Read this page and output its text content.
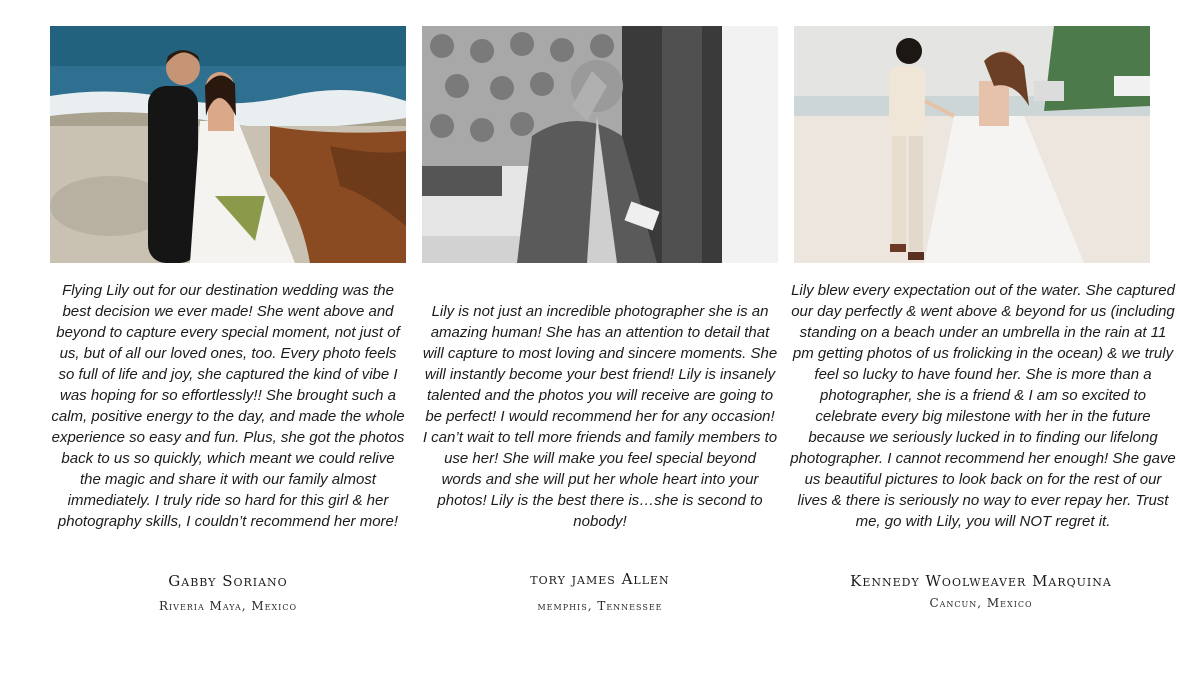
Flying Lily out for our destination wedding was the best decision we ever made! She went above and beyond to capture every special moment, not just of us, but of all our loved ones, too. Every photo feels so full of life and joy, she captured the kind of vibe I was hoping for so effortlessly!! She brought such a calm, positive energy to the day, and made the whole experience so easy and fun. Plus, she got the photos back to us so quickly, which meant we could relive the magic and share it with our family almost immediately. I truly ride so hard for this girl & her photography skills, I couldn’t recommend her more!

Lily is not just an incredible photographer she is an amazing human! She has an attention to detail that will capture to most loving and sincere moments. She will instantly become your best friend! Lily is insanely talented and the photos you will receive are going to be perfect! I would recommend her for any occasion! I can’t wait to tell more friends and family members to use her! She will make you feel special beyond words and she will put her whole heart into your photos! Lily is the best there is…she is second to nobody!

Lily blew every expectation out of the water. She captured our day perfectly & went above & beyond for us (including standing on a beach under an umbrella in the rain at 11 pm getting photos of us frolicking in the ocean) & we truly feel so lucky to have found her. She is more than a photographer, she is a friend & I am so excited to celebrate every big milestone with her in the future because we seriously lucked in to finding our lifelong photographer. I cannot recommend her enough! She gave us beautiful pictures to look back on for the rest of our lives & there is seriously no way to ever repay her. Trust me, go with Lily, you will NOT regret it.

Gabby Soriano

Riveria Maya, Mexico

tory james Allen

memphis, Tennessee

Kennedy Woolweaver Marquina

Cancun, Mexico
